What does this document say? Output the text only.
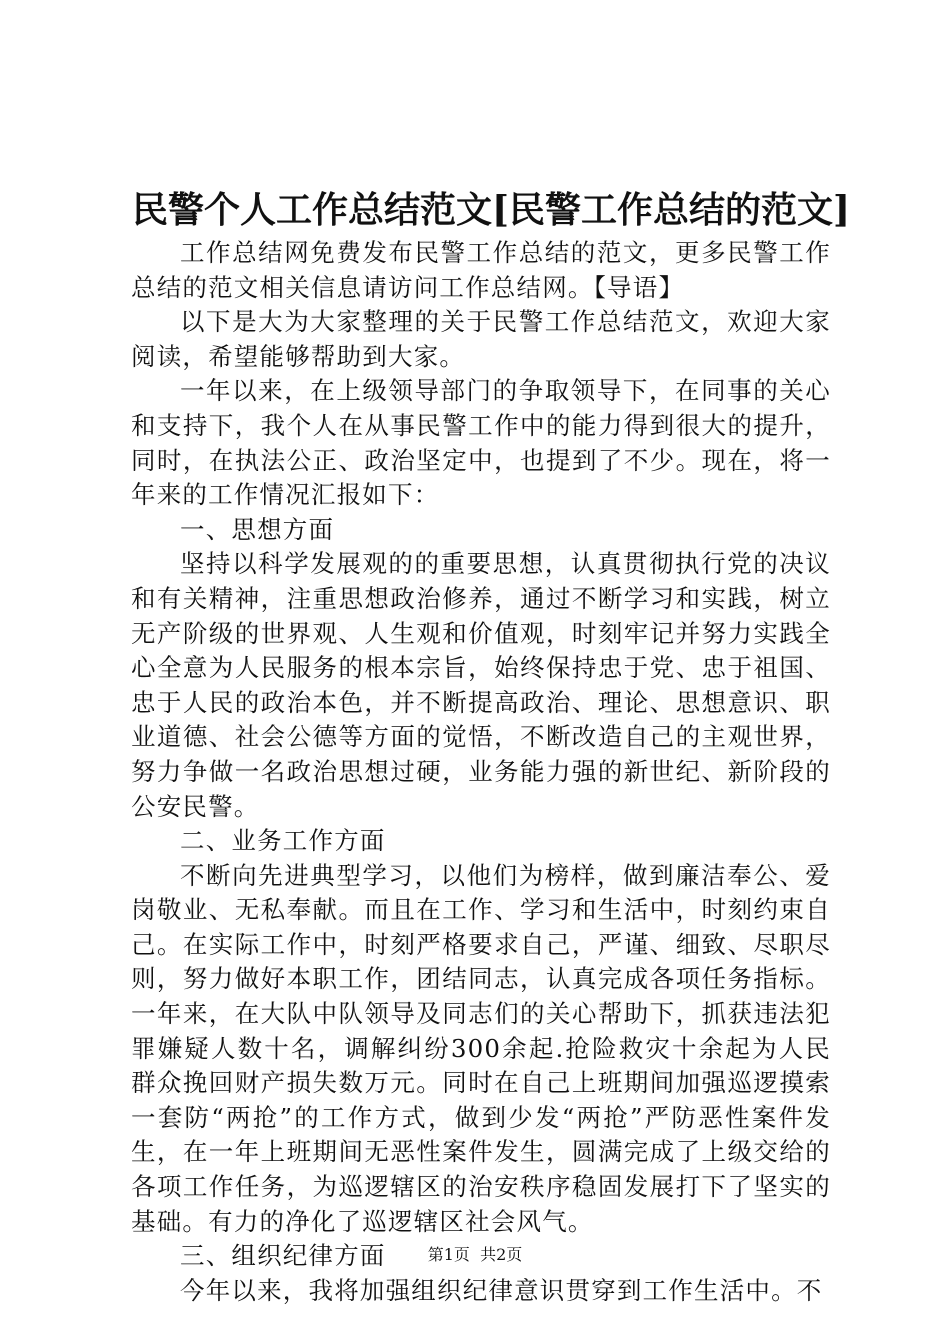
民警个人工作总结范文[民警工作总结的范文]

工作总结网免费发布民警工作总结的范文，更多民警工作总结的范文相关信息请访问工作总结网。【导语】

以下是大为大家整理的关于民警工作总结范文，欢迎大家阅读，希望能够帮助到大家。

一年以来，在上级领导部门的争取领导下，在同事的关心和支持下，我个人在从事民警工作中的能力得到很大的提升，同时，在执法公正、政治坚定中，也提到了不少。现在，将一年来的工作情况汇报如下：

一、思想方面

坚持以科学发展观的的重要思想，认真贯彻执行党的决议和有关精神，注重思想政治修养，通过不断学习和实践，树立无产阶级的世界观、人生观和价值观，时刻牢记并努力实践全心全意为人民服务的根本宗旨，始终保持忠于党、忠于祖国、忠于人民的政治本色，并不断提高政治、理论、思想意识、职业道德、社会公德等方面的觉悟，不断改造自己的主观世界，努力争做一名政治思想过硬，业务能力强的新世纪、新阶段的公安民警。

二、业务工作方面

不断向先进典型学习，以他们为榜样，做到廉洁奉公、爱岗敬业、无私奉献。而且在工作、学习和生活中，时刻约束自己。在实际工作中，时刻严格要求自己，严谨、细致、尽职尽则，努力做好本职工作，团结同志，认真完成各项任务指标。一年来，在大队中队领导及同志们的关心帮助下，抓获违法犯罪嫌疑人数十名，调解纠纷300余起.抢险救灾十余起为人民群众挽回财产损失数万元。同时在自己上班期间加强巡逻摸索一套防“两抢”的工作方式，做到少发“两抢”严防恶性案件发生，在一年上班期间无恶性案件发生，圆满完成了上级交给的各项工作任务，为巡逻辖区的治安秩序稳固发展打下了坚实的基础。有力的净化了巡逻辖区社会风气。

三、组织纪律方面

今年以来，我将加强组织纪律意识贯穿到工作生活中。不

第1页  共2页
